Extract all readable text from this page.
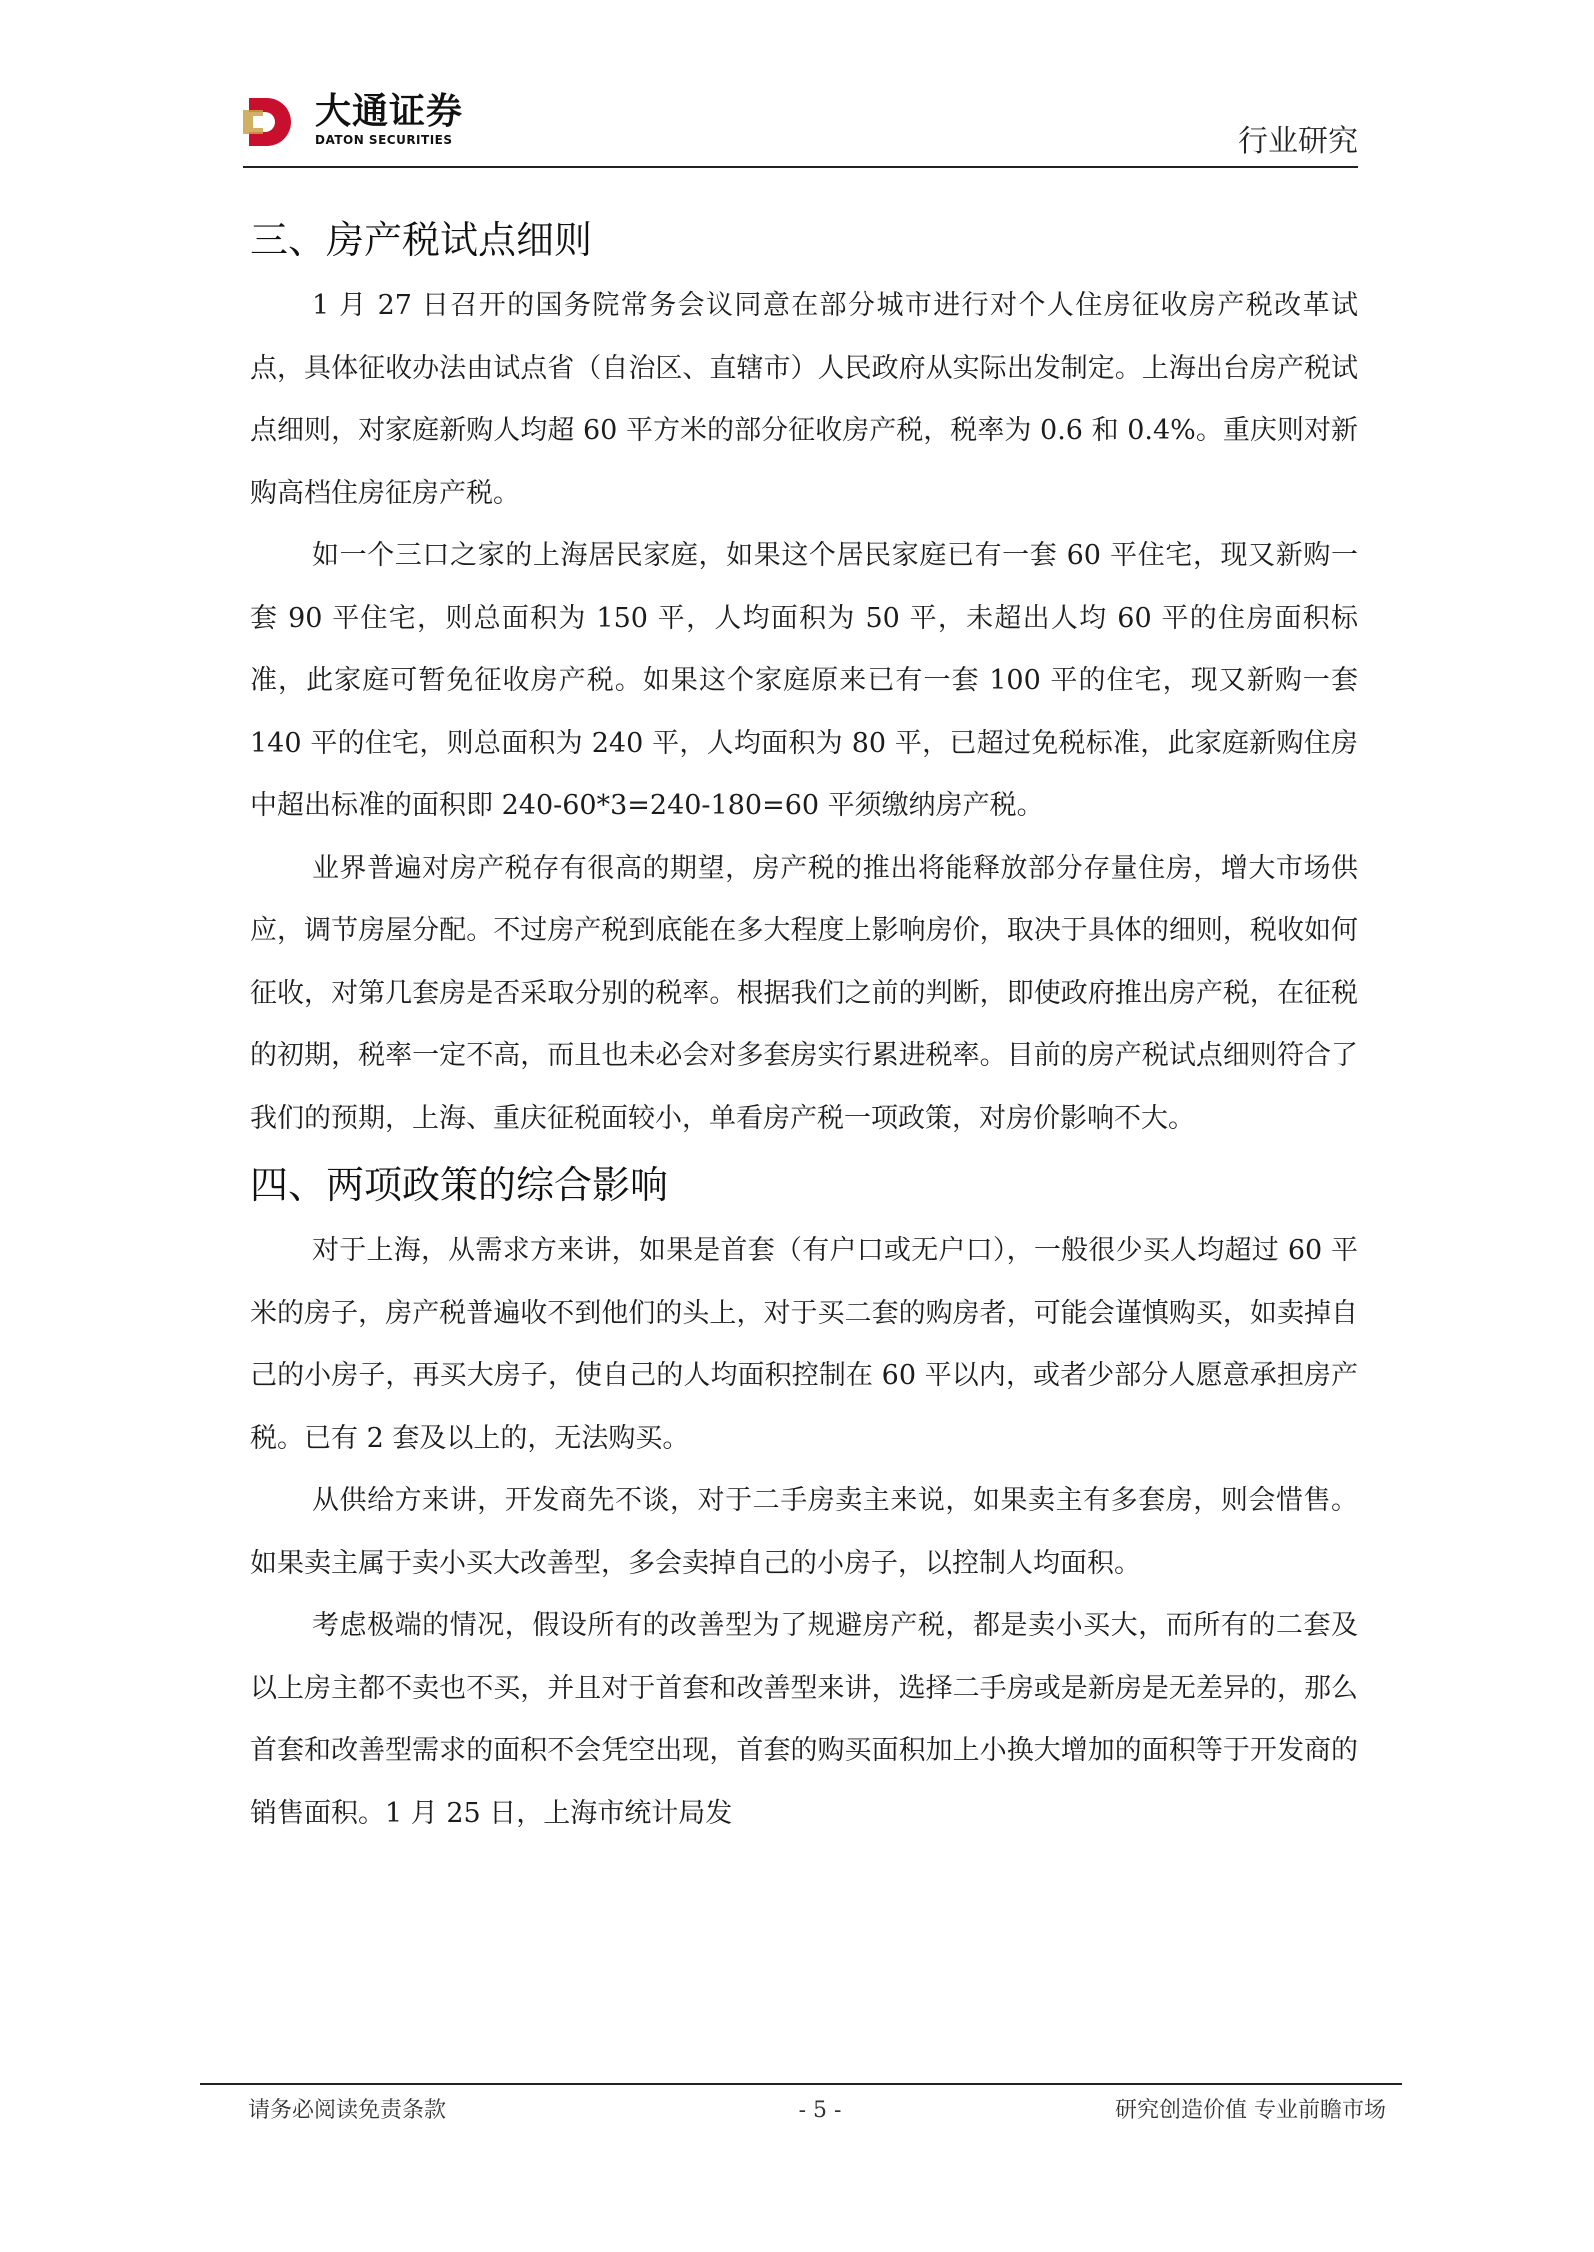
大通证券
DATON SECURITIES	行业研究
三、房产税试点细则

1 月 27 日召开的国务院常务会议同意在部分城市进行对个人住房征收房产税改革试点，具体征收办法由试点省（自治区、直辖市）人民政府从实际出发制定。上海出台房产税试点细则，对家庭新购人均超 60 平方米的部分征收房产税，税率为 0.6 和 0.4%。重庆则对新购高档住房征房产税。

如一个三口之家的上海居民家庭，如果这个居民家庭已有一套 60 平住宅，现又新购一套 90 平住宅，则总面积为 150 平，人均面积为 50 平，未超出人均 60 平的住房面积标准，此家庭可暂免征收房产税。如果这个家庭原来已有一套 100 平的住宅，现又新购一套 140 平的住宅，则总面积为 240 平，人均面积为 80 平，已超过免税标准，此家庭新购住房中超出标准的面积即 240-60*3=240-180=60 平须缴纳房产税。

业界普遍对房产税存有很高的期望，房产税的推出将能释放部分存量住房，增大市场供应，调节房屋分配。不过房产税到底能在多大程度上影响房价，取决于具体的细则，税收如何征收，对第几套房是否采取分别的税率。根据我们之前的判断，即使政府推出房产税，在征税的初期，税率一定不高，而且也未必会对多套房实行累进税率。目前的房产税试点细则符合了我们的预期，上海、重庆征税面较小，单看房产税一项政策，对房价影响不大。

四、两项政策的综合影响

对于上海，从需求方来讲，如果是首套（有户口或无户口），一般很少买人均超过 60 平米的房子，房产税普遍收不到他们的头上，对于买二套的购房者，可能会谨慎购买，如卖掉自己的小房子，再买大房子，使自己的人均面积控制在 60 平以内，或者少部分人愿意承担房产税。已有 2 套及以上的，无法购买。

从供给方来讲，开发商先不谈，对于二手房卖主来说，如果卖主有多套房，则会惜售。如果卖主属于卖小买大改善型，多会卖掉自己的小房子，以控制人均面积。

考虑极端的情况，假设所有的改善型为了规避房产税，都是卖小买大，而所有的二套及以上房主都不卖也不买，并且对于首套和改善型来讲，选择二手房或是新房是无差异的，那么首套和改善型需求的面积不会凭空出现，首套的购买面积加上小换大增加的面积等于开发商的销售面积。1 月 25 日，上海市统计局发

请务必阅读免责条款	- 5 -	研究创造价值 专业前瞻市场
